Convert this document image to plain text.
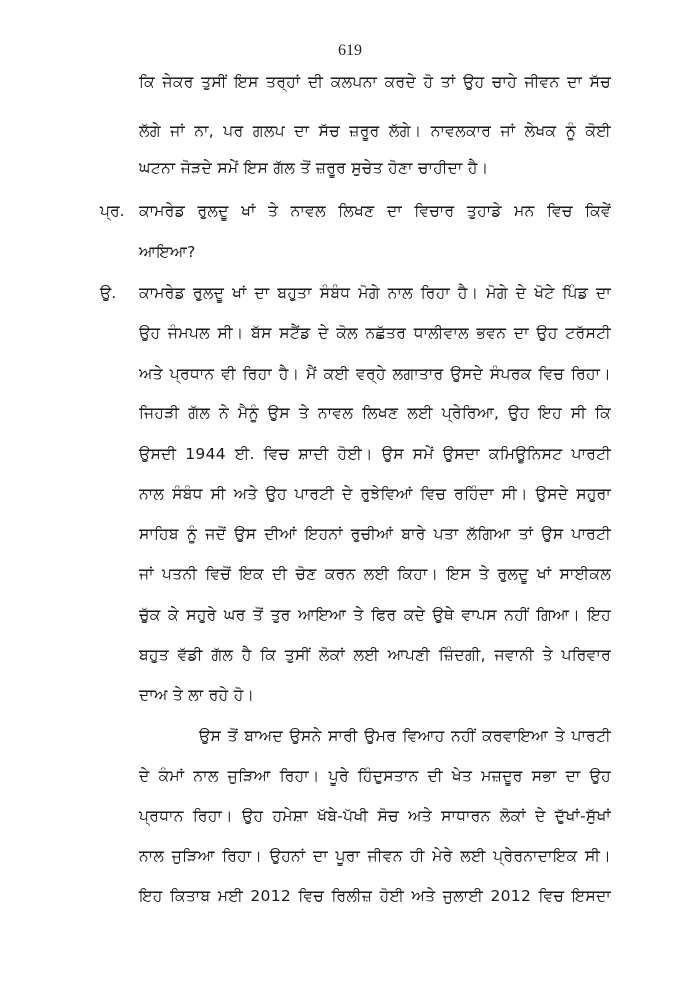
619
ਕਿ ਜੇਕਰ ਤੁਸੀਂ ਇਸ ਤਰ੍ਹਾਂ ਦੀ ਕਲਪਨਾ ਕਰਦੇ ਹੋ ਤਾਂ ਉਹ ਚਾਹੇ ਜੀਵਨ ਦਾ ਸੱਚ
ਲੱਗੇ ਜਾਂ ਨਾ, ਪਰ ਗਲਪ ਦਾ ਸੱਚ ਜ਼ਰੂਰ ਲੱਗੇ। ਨਾਵਲਕਾਰ ਜਾਂ ਲੇਖਕ ਨੂੰ ਕੋਈ
ਘਟਨਾ ਜੋੜਦੇ ਸਮੇਂ ਇਸ ਗੱਲ ਤੋਂ ਜ਼ਰੂਰ ਸੁਚੇਤ ਹੋਣਾ ਚਾਹੀਦਾ ਹੈ।
ਪ੍ਰ. ਕਾਮਰੇਡ ਰੁਲਦੂ ਖਾਂ ਤੇ ਨਾਵਲ ਲਿਖਣ ਦਾ ਵਿਚਾਰ ਤੁਹਾਡੇ ਮਨ ਵਿਚ ਕਿਵੇਂ
ਆਇਆ?
ਉ. ਕਾਮਰੇਡ ਰੁਲਦੂ ਖਾਂ ਦਾ ਬਹੁਤਾ ਸੰਬੰਧ ਮੋਗੇ ਨਾਲ ਰਿਹਾ ਹੈ। ਮੋਗੇ ਦੇ ਖੋਟੇ ਪਿੰਡ ਦਾ
ਉਹ ਜੰਮਪਲ ਸੀ। ਬੱਸ ਸਟੈਂਡ ਦੇ ਕੋਲ ਨਛੱਤਰ ਧਾਲੀਵਾਲ ਭਵਨ ਦਾ ਉਹ ਟਰੱਸਟੀ
ਅਤੇ ਪ੍ਰਧਾਨ ਵੀ ਰਿਹਾ ਹੈ। ਮੈਂ ਕਈ ਵਰ੍ਹੇ ਲਗਾਤਾਰ ਉਸਦੇ ਸੰਪਰਕ ਵਿਚ ਰਿਹਾ।
ਜਿਹੜੀ ਗੱਲ ਨੇ ਮੈਨੂੰ ਉਸ ਤੇ ਨਾਵਲ ਲਿਖਣ ਲਈ ਪ੍ਰੇਰਿਆ, ਉਹ ਇਹ ਸੀ ਕਿ
ਉਸਦੀ 1944 ਈ. ਵਿਚ ਸ਼ਾਦੀ ਹੋਈ। ਉਸ ਸਮੇਂ ਉਸਦਾ ਕਮਿਊਨਿਸਟ ਪਾਰਟੀ
ਨਾਲ ਸੰਬੰਧ ਸੀ ਅਤੇ ਉਹ ਪਾਰਟੀ ਦੇ ਰੁਝੇਵਿਆਂ ਵਿਚ ਰਹਿੰਦਾ ਸੀ। ਉਸਦੇ ਸਹੁਰਾ
ਸਾਹਿਬ ਨੂੰ ਜਦੋਂ ਉਸ ਦੀਆਂ ਇਹਨਾਂ ਰੁਚੀਆਂ ਬਾਰੇ ਪਤਾ ਲੱਗਿਆ ਤਾਂ ਉਸ ਪਾਰਟੀ
ਜਾਂ ਪਤਨੀ ਵਿਚੋਂ ਇਕ ਦੀ ਚੋਣ ਕਰਨ ਲਈ ਕਿਹਾ। ਇਸ ਤੇ ਰੁਲਦੂ ਖਾਂ ਸਾਈਕਲ
ਚੁੱਕ ਕੇ ਸਹੁਰੇ ਘਰ ਤੋਂ ਤੁਰ ਆਇਆ ਤੇ ਫਿਰ ਕਦੇ ਉਥੇ ਵਾਪਸ ਨਹੀਂ ਗਿਆ। ਇਹ
ਬਹੁਤ ਵੱਡੀ ਗੱਲ ਹੈ ਕਿ ਤੁਸੀਂ ਲੋਕਾਂ ਲਈ ਆਪਣੀ ਜ਼ਿੰਦਗੀ, ਜਵਾਨੀ ਤੇ ਪਰਿਵਾਰ
ਦਾਅ ਤੇ ਲਾ ਰਹੇ ਹੋ।
ਉਸ ਤੋਂ ਬਾਅਦ ਉਸਨੇ ਸਾਰੀ ਉਮਰ ਵਿਆਹ ਨਹੀਂ ਕਰਵਾਇਆ ਤੇ ਪਾਰਟੀ
ਦੇ ਕੰਮਾਂ ਨਾਲ ਜੁੜਿਆ ਰਿਹਾ। ਪੂਰੇ ਹਿੰਦੁਸਤਾਨ ਦੀ ਖੇਤ ਮਜ਼ਦੂਰ ਸਭਾ ਦਾ ਉਹ
ਪ੍ਰਧਾਨ ਰਿਹਾ। ਉਹ ਹਮੇਸ਼ਾ ਖੱਬੇ-ਪੱਖੀ ਸੋਚ ਅਤੇ ਸਾਧਾਰਨ ਲੋਕਾਂ ਦੇ ਦੁੱਖਾਂ-ਸੁੱਖਾਂ
ਨਾਲ ਜੁੜਿਆ ਰਿਹਾ। ਉਹਨਾਂ ਦਾ ਪੂਰਾ ਜੀਵਨ ਹੀ ਮੇਰੇ ਲਈ ਪ੍ਰੇਰਨਾਦਾਇਕ ਸੀ।
ਇਹ ਕਿਤਾਬ ਮਈ 2012 ਵਿਚ ਰਿਲੀਜ਼ ਹੋਈ ਅਤੇ ਜੁਲਾਈ 2012 ਵਿਚ ਇਸਦਾ
